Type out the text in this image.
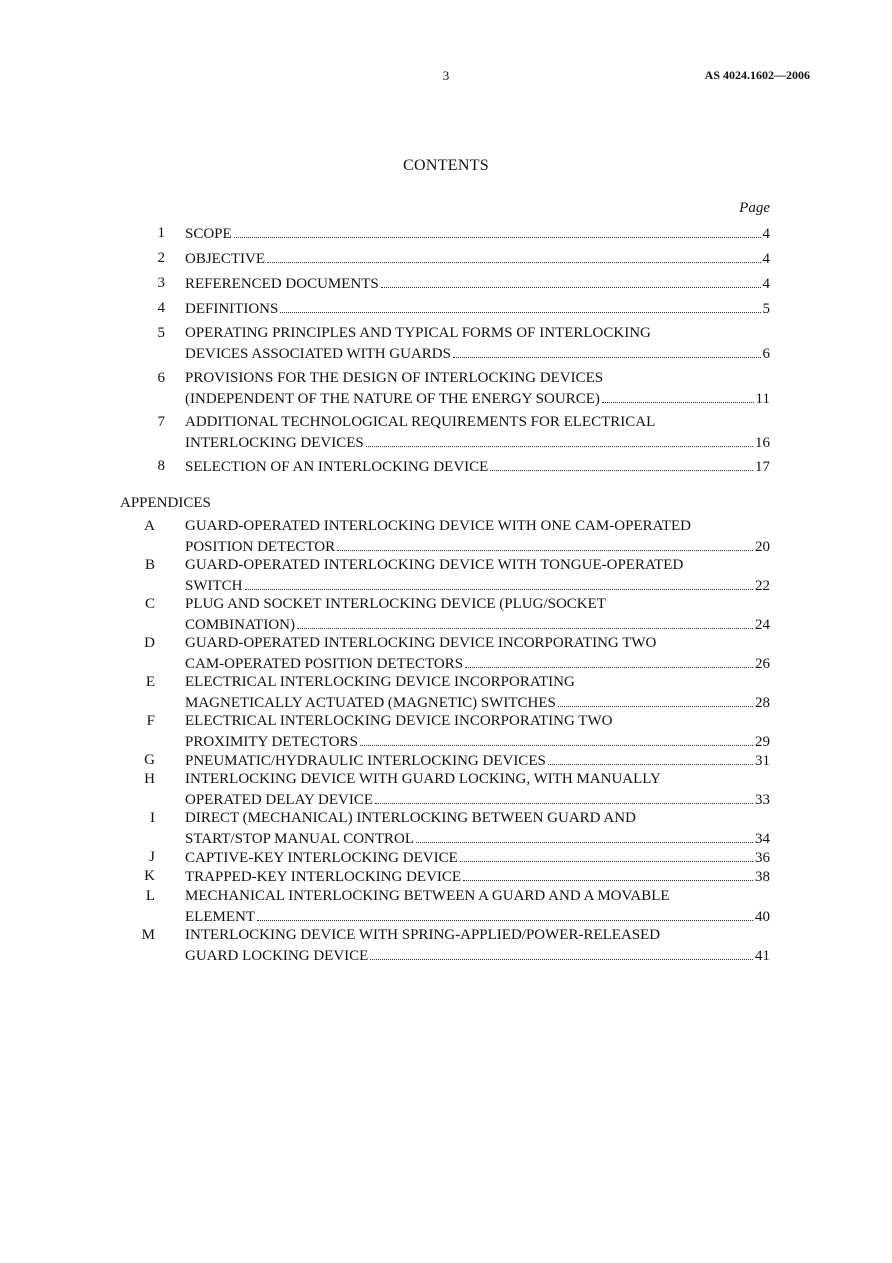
3	AS 4024.1602—2006
CONTENTS
Page
1 SCOPE	4
2 OBJECTIVE	4
3 REFERENCED DOCUMENTS	4
4 DEFINITIONS	5
5 OPERATING PRINCIPLES AND TYPICAL FORMS OF INTERLOCKING
DEVICES ASSOCIATED WITH GUARDS	6
6 PROVISIONS FOR THE DESIGN OF INTERLOCKING DEVICES
(INDEPENDENT OF THE NATURE OF THE ENERGY SOURCE)	11
7 ADDITIONAL TECHNOLOGICAL REQUIREMENTS FOR ELECTRICAL
INTERLOCKING DEVICES	16
8 SELECTION OF AN INTERLOCKING DEVICE	17
APPENDICES
A GUARD-OPERATED INTERLOCKING DEVICE WITH ONE CAM-OPERATED
POSITION DETECTOR	20
B GUARD-OPERATED INTERLOCKING DEVICE WITH TONGUE-OPERATED
SWITCH	22
C PLUG AND SOCKET INTERLOCKING DEVICE (PLUG/SOCKET
COMBINATION)	24
D GUARD-OPERATED INTERLOCKING DEVICE INCORPORATING TWO
CAM-OPERATED POSITION DETECTORS	26
E ELECTRICAL INTERLOCKING DEVICE INCORPORATING
MAGNETICALLY ACTUATED (MAGNETIC) SWITCHES	28
F ELECTRICAL INTERLOCKING DEVICE INCORPORATING TWO
PROXIMITY DETECTORS	29
G PNEUMATIC/HYDRAULIC INTERLOCKING DEVICES	31
H INTERLOCKING DEVICE WITH GUARD LOCKING, WITH MANUALLY
OPERATED DELAY DEVICE	33
I DIRECT (MECHANICAL) INTERLOCKING BETWEEN GUARD AND
START/STOP MANUAL CONTROL	34
J CAPTIVE-KEY INTERLOCKING DEVICE	36
K TRAPPED-KEY INTERLOCKING DEVICE	38
L MECHANICAL INTERLOCKING BETWEEN A GUARD AND A MOVABLE
ELEMENT	40
M INTERLOCKING DEVICE WITH SPRING-APPLIED/POWER-RELEASED
GUARD LOCKING DEVICE	41
